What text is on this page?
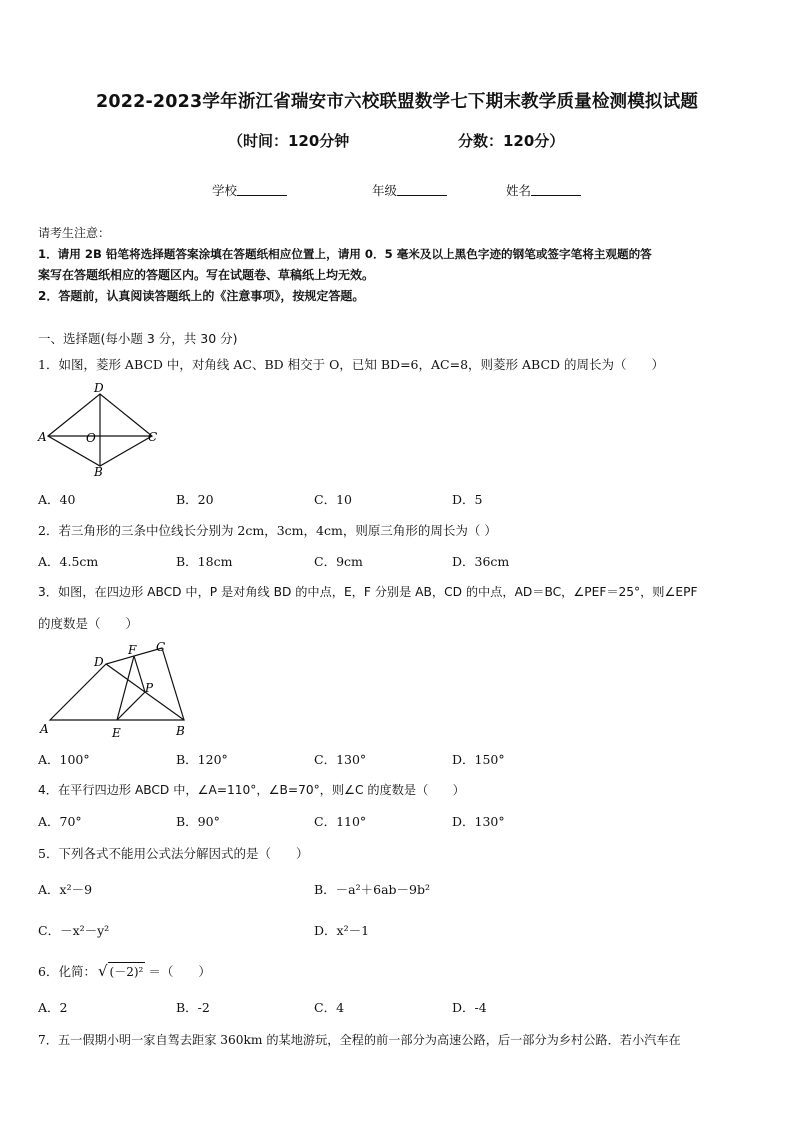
2022-2023学年浙江省瑞安市六校联盟数学七下期末教学质量检测模拟试题
（时间：120分钟	分数：120分）
学校	年级	姓名
请考生注意：
1．请用 2B 铅笔将选择题答案涂填在答题纸相应位置上，请用 0．5 毫米及以上黑色字迹的钢笔或签字笔将主观题的答
案写在答题纸相应的答题区内。写在试题卷、草稿纸上均无效。
2．答题前，认真阅读答题纸上的《注意事项》，按规定答题。
一、选择题(每小题 3 分，共 30 分)
1．如图，菱形 ABCD 中，对角线 AC、BD 相交于 O，已知 BD=6，AC=8，则菱形 ABCD 的周长为（　　）
D
A	O	C
B
A．40	B．20	C．10	D．5
2．若三角形的三条中位线长分别为 2cm，3cm，4cm，则原三角形的周长为（ ）
A．4.5cm	B．18cm	C．9cm	D．36cm
3．如图，在四边形 ABCD 中，P 是对角线 BD 的中点，E，F 分别是 AB，CD 的中点，AD＝BC，∠PEF＝25°，则∠EPF
的度数是（　　）
D
F C
P
A	E	B
A．100°	B．120°	C．130°	D．150°
4．在平行四边形 ABCD 中，∠A=110°，∠B=70°，则∠C 的度数是（　　）
A．70°	B．90°	C．110°	D．130°
5．下列各式不能用公式法分解因式的是（　　）
A．x²－9	B．－a²＋6ab－9b²
C．－x²－y²	D．x²－1
6．化简： √ (－2)² ＝（　　）
A．2	B．-2	C．4	D．-4
7．五一假期小明一家自驾去距家 360km 的某地游玩，全程的前一部分为高速公路，后一部分为乡村公路．若小汽车在
